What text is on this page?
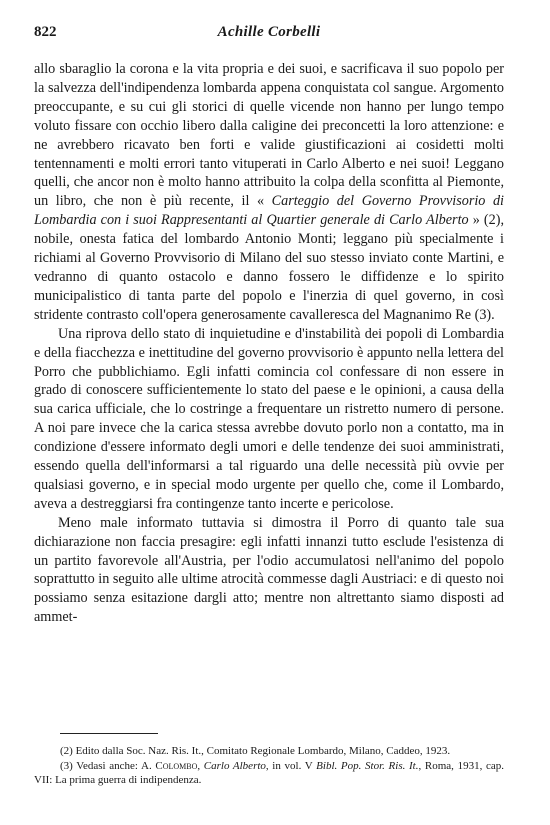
822	Achille Corbelli

allo sbaraglio la corona e la vita propria e dei suoi, e sacrificava il suo popolo per la salvezza dell'indipendenza lombarda appena conquistata col sangue. Argomento preoccupante, e su cui gli storici di quelle vicende non hanno per lungo tempo voluto fissare con occhio libero dalla caligine dei preconcetti la loro attenzione: e ne avrebbero ricavato ben forti e valide giustificazioni ai cosidetti molti tentennamenti e molti errori tanto vituperati in Carlo Alberto e nei suoi! Leggano quelli, che ancor non è molto hanno attribuito la colpa della sconfitta al Piemonte, un libro, che non è più recente, il « Carteggio del Governo Provvisorio di Lombardia con i suoi Rappresentanti al Quartier generale di Carlo Alberto » (2), nobile, onesta fatica del lombardo Antonio Monti; leggano più specialmente i richiami al Governo Provvisorio di Milano del suo stesso inviato conte Martini, e vedranno di quanto ostacolo e danno fossero le diffidenze e lo spirito municipalistico di tanta parte del popolo e l'inerzia di quel governo, in così stridente contrasto coll'opera generosamente cavalleresca del Magnanimo Re (3).

Una riprova dello stato di inquietudine e d'instabilità dei popoli di Lombardia e della fiacchezza e inettitudine del governo provvisorio è appunto nella lettera del Porro che pubblichiamo. Egli infatti comincia col confessare di non essere in grado di conoscere sufficientemente lo stato del paese e le opinioni, a causa della sua carica ufficiale, che lo costringe a frequentare un ristretto numero di persone. A noi pare invece che la carica stessa avrebbe dovuto porlo non a contatto, ma in condizione d'essere informato degli umori e delle tendenze dei suoi amministrati, essendo quella dell'informarsi a tal riguardo una delle necessità più ovvie per qualsiasi governo, e in special modo urgente per quello che, come il Lombardo, aveva a destreggiarsi fra contingenze tanto incerte e pericolose.

Meno male informato tuttavia si dimostra il Porro di quanto tale sua dichiarazione non faccia presagire: egli infatti innanzi tutto esclude l'esistenza di un partito favorevole all'Austria, per l'odio accumulatosi nell'animo del popolo soprattutto in seguito alle ultime atrocità commesse dagli Austriaci: e di questo noi possiamo senza esitazione dargli atto; mentre non altrettanto siamo disposti ad ammet-

(2) Edito dalla Soc. Naz. Ris. It., Comitato Regionale Lombardo, Milano, Caddeo, 1923.

(3) Vedasi anche: A. Colombo, Carlo Alberto, in vol. V Bibl. Pop. Stor. Ris. It., Roma, 1931, cap. VII: La prima guerra di indipendenza.
